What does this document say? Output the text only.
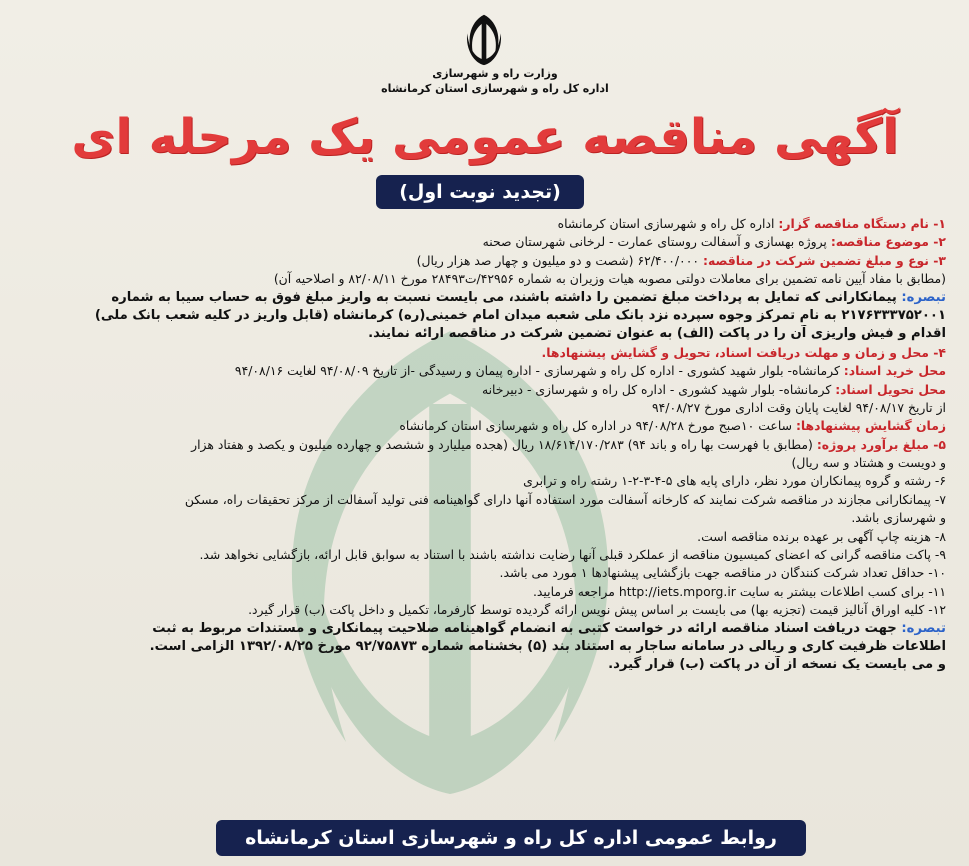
وزارت راه و شهرسازی
اداره کل راه و شهرسازی استان کرمانشاه
آگهی مناقصه عمومی یک مرحله ای
(تجدید نوبت اول)
۱- نام دستگاه مناقصه گزار: اداره کل راه و شهرسازی استان کرمانشاه
۲- موضوع مناقصه: پروژه بهسازی و آسفالت روستای عمارت - لرخانی شهرستان صحنه
۳- نوع و مبلغ تضمین شرکت در مناقصه: ۶۲/۴۰۰/۰۰۰ (شصت و دو میلیون و چهار صد هزار ریال)
(مطابق با مفاد آیین نامه تضمین برای معاملات دولتی مصوبه هیات وزیران به شماره ۴۲۹۵۶/ت۲۸۴۹۳ مورخ ۸۲/۰۸/۱۱ و اصلاحیه آن)
تبصره: پیمانکارانی که تمایل به پرداخت مبلغ تضمین را داشته باشند، می بایست نسبت به واریز مبلغ فوق به حساب سیبا به شماره
۲۱۷۶۳۳۳۷۵۲۰۰۱ به نام تمرکز وجوه سپرده نزد بانک ملی شعبه میدان امام خمینی(ره) کرمانشاه (قابل واریز در کلیه شعب بانک ملی)
اقدام و فیش واریزی آن را در پاکت (الف) به عنوان تضمین شرکت در مناقصه ارائه نمایند.
۴- محل و زمان و مهلت دریافت اسناد، تحویل و گشایش پیشنهادها.
محل خرید اسناد: کرمانشاه- بلوار شهید کشوری - اداره کل راه و شهرسازی - اداره پیمان و رسیدگی -از تاریخ ۹۴/۰۸/۰۹ لغایت ۹۴/۰۸/۱۶
محل تحویل اسناد: کرمانشاه- بلوار شهید کشوری - اداره کل راه و شهرسازی - دبیرخانه
از تاریخ ۹۴/۰۸/۱۷ لغایت پایان وقت اداری مورخ ۹۴/۰۸/۲۷
زمان گشایش پیشنهادها: ساعت ۱۰صبح مورخ ۹۴/۰۸/۲۸ در اداره کل راه و شهرسازی استان کرمانشاه
۵- مبلغ برآورد پروژه: (مطابق با فهرست بها راه و باند ۹۴) ۱۸/۶۱۴/۱۷۰/۲۸۳ ریال (هجده میلیارد و ششصد و چهارده میلیون و یکصد و هفتاد هزار
و دویست و هشتاد و سه ریال)
۶- رشته و گروه پیمانکاران مورد نظر، دارای پایه های ۵-۴-۳-۲-۱ رشته راه و ترابری
۷- پیمانکارانی مجازند در مناقصه شرکت نمایند که کارخانه آسفالت مورد استفاده آنها دارای گواهینامه فنی تولید آسفالت از مرکز تحقیقات راه، مسکن
و شهرسازی باشد.
۸- هزینه چاپ آگهی بر عهده برنده مناقصه است.
۹- پاکت مناقصه گرانی که اعضای کمیسیون مناقصه از عملکرد قبلی آنها رضایت نداشته باشند با استناد به سوابق قابل ارائه، بازگشایی نخواهد شد.
۱۰- حداقل تعداد شرکت کنندگان در مناقصه جهت بازگشایی پیشنهادها ۱ مورد می باشد.
۱۱- برای کسب اطلاعات بیشتر به سایت http://iets.mporg.ir مراجعه فرمایید.
۱۲- کلیه اوراق آنالیز قیمت (تجزیه بها) می بایست بر اساس پیش نویس ارائه گردیده توسط کارفرما، تکمیل و داخل پاکت (ب) قرار گیرد.
تبصره: جهت دریافت اسناد مناقصه ارائه در خواست کتبی به انضمام گواهینامه صلاحیت پیمانکاری و مستندات مربوط به ثبت
اطلاعات ظرفیت کاری و ریالی در سامانه ساجار به استناد بند (۵) بخشنامه شماره ۹۲/۷۵۸۷۳ مورخ ۱۳۹۲/۰۸/۲۵ الزامی است.
و می بایست یک نسخه از آن در پاکت (ب) قرار گیرد.
روابط عمومی اداره کل راه و شهرسازی استان کرمانشاه
